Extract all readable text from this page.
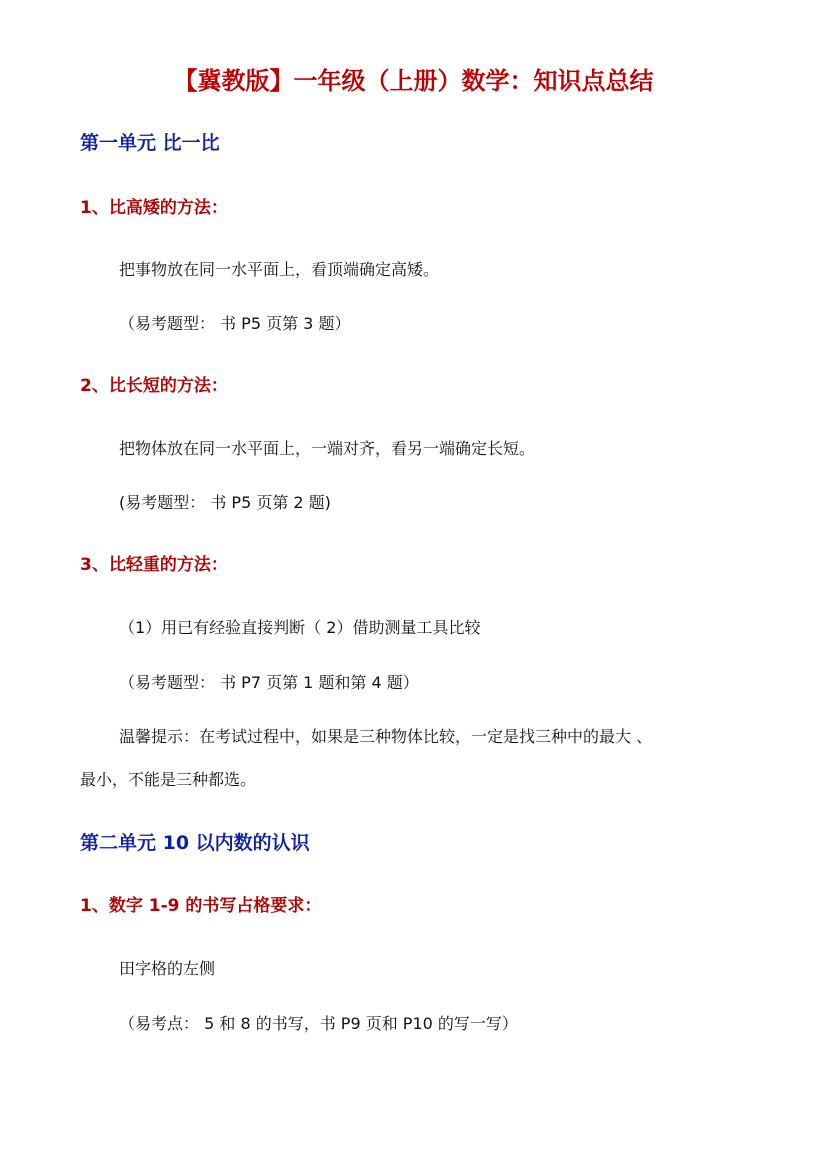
【冀教版】一年级（上册）数学：知识点总结
第一单元 比一比
1、比高矮的方法：
把事物放在同一水平面上，看顶端确定高矮。
（易考题型： 书 P5 页第 3 题）
2、比长短的方法：
把物体放在同一水平面上，一端对齐，看另一端确定长短。
(易考题型： 书 P5 页第 2 题)
3、比轻重的方法：
（1）用已有经验直接判断（ 2）借助测量工具比较
（易考题型： 书 P7 页第 1 题和第 4 题）
温馨提示：在考试过程中，如果是三种物体比较，一定是找三种中的最大 、
最小，不能是三种都选。
第二单元 10 以内数的认识
1、数字 1-9 的书写占格要求：
田字格的左侧
（易考点： 5 和 8 的书写，书 P9 页和 P10 的写一写）
